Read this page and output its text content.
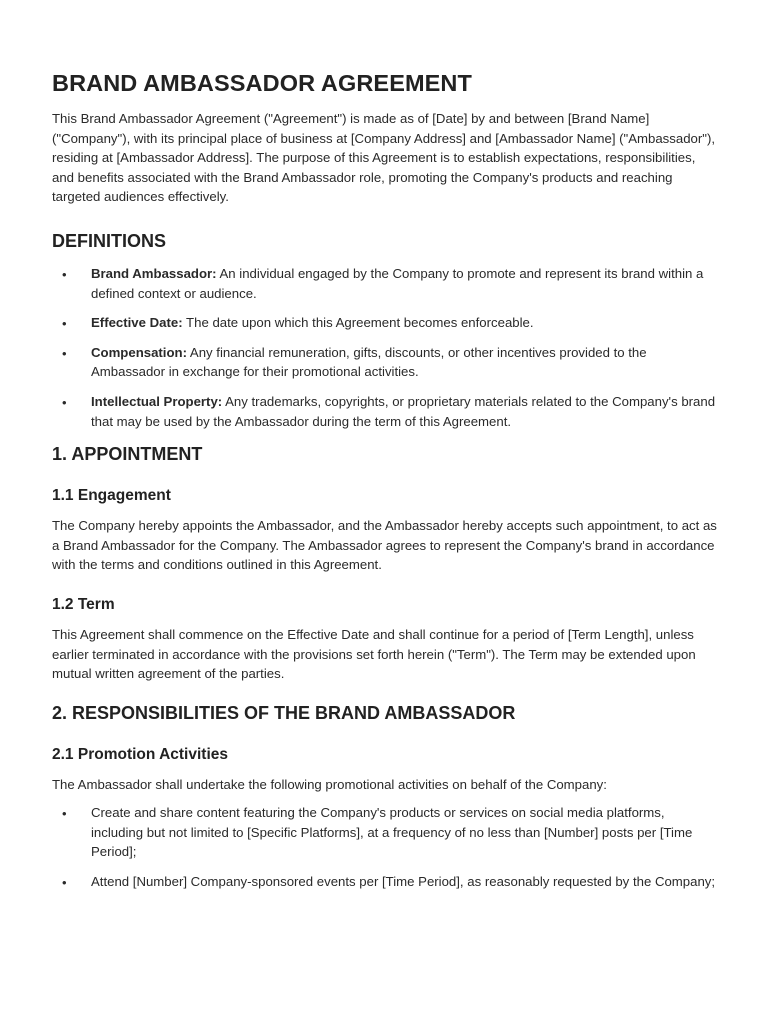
BRAND AMBASSADOR AGREEMENT

This Brand Ambassador Agreement ("Agreement") is made as of [Date] by and between [Brand Name] ("Company"), with its principal place of business at [Company Address] and [Ambassador Name] ("Ambassador"), residing at [Ambassador Address]. The purpose of this Agreement is to establish expectations, responsibilities, and benefits associated with the Brand Ambassador role, promoting the Company's products and reaching targeted audiences effectively.

DEFINITIONS
• Brand Ambassador: An individual engaged by the Company to promote and represent its brand within a defined context or audience.
• Effective Date: The date upon which this Agreement becomes enforceable.
• Compensation: Any financial remuneration, gifts, discounts, or other incentives provided to the Ambassador in exchange for their promotional activities.
• Intellectual Property: Any trademarks, copyrights, or proprietary materials related to the Company's brand that may be used by the Ambassador during the term of this Agreement.
1. APPOINTMENT
1.1 Engagement

The Company hereby appoints the Ambassador, and the Ambassador hereby accepts such appointment, to act as a Brand Ambassador for the Company. The Ambassador agrees to represent the Company's brand in accordance with the terms and conditions outlined in this Agreement.

1.2 Term

This Agreement shall commence on the Effective Date and shall continue for a period of [Term Length], unless earlier terminated in accordance with the provisions set forth herein ("Term"). The Term may be extended upon mutual written agreement of the parties.

2. RESPONSIBILITIES OF THE BRAND AMBASSADOR
2.1 Promotion Activities

The Ambassador shall undertake the following promotional activities on behalf of the Company:

• Create and share content featuring the Company's products or services on social media platforms, including but not limited to [Specific Platforms], at a frequency of no less than [Number] posts per [Time Period];
• Attend [Number] Company-sponsored events per [Time Period], as reasonably requested by the Company;
